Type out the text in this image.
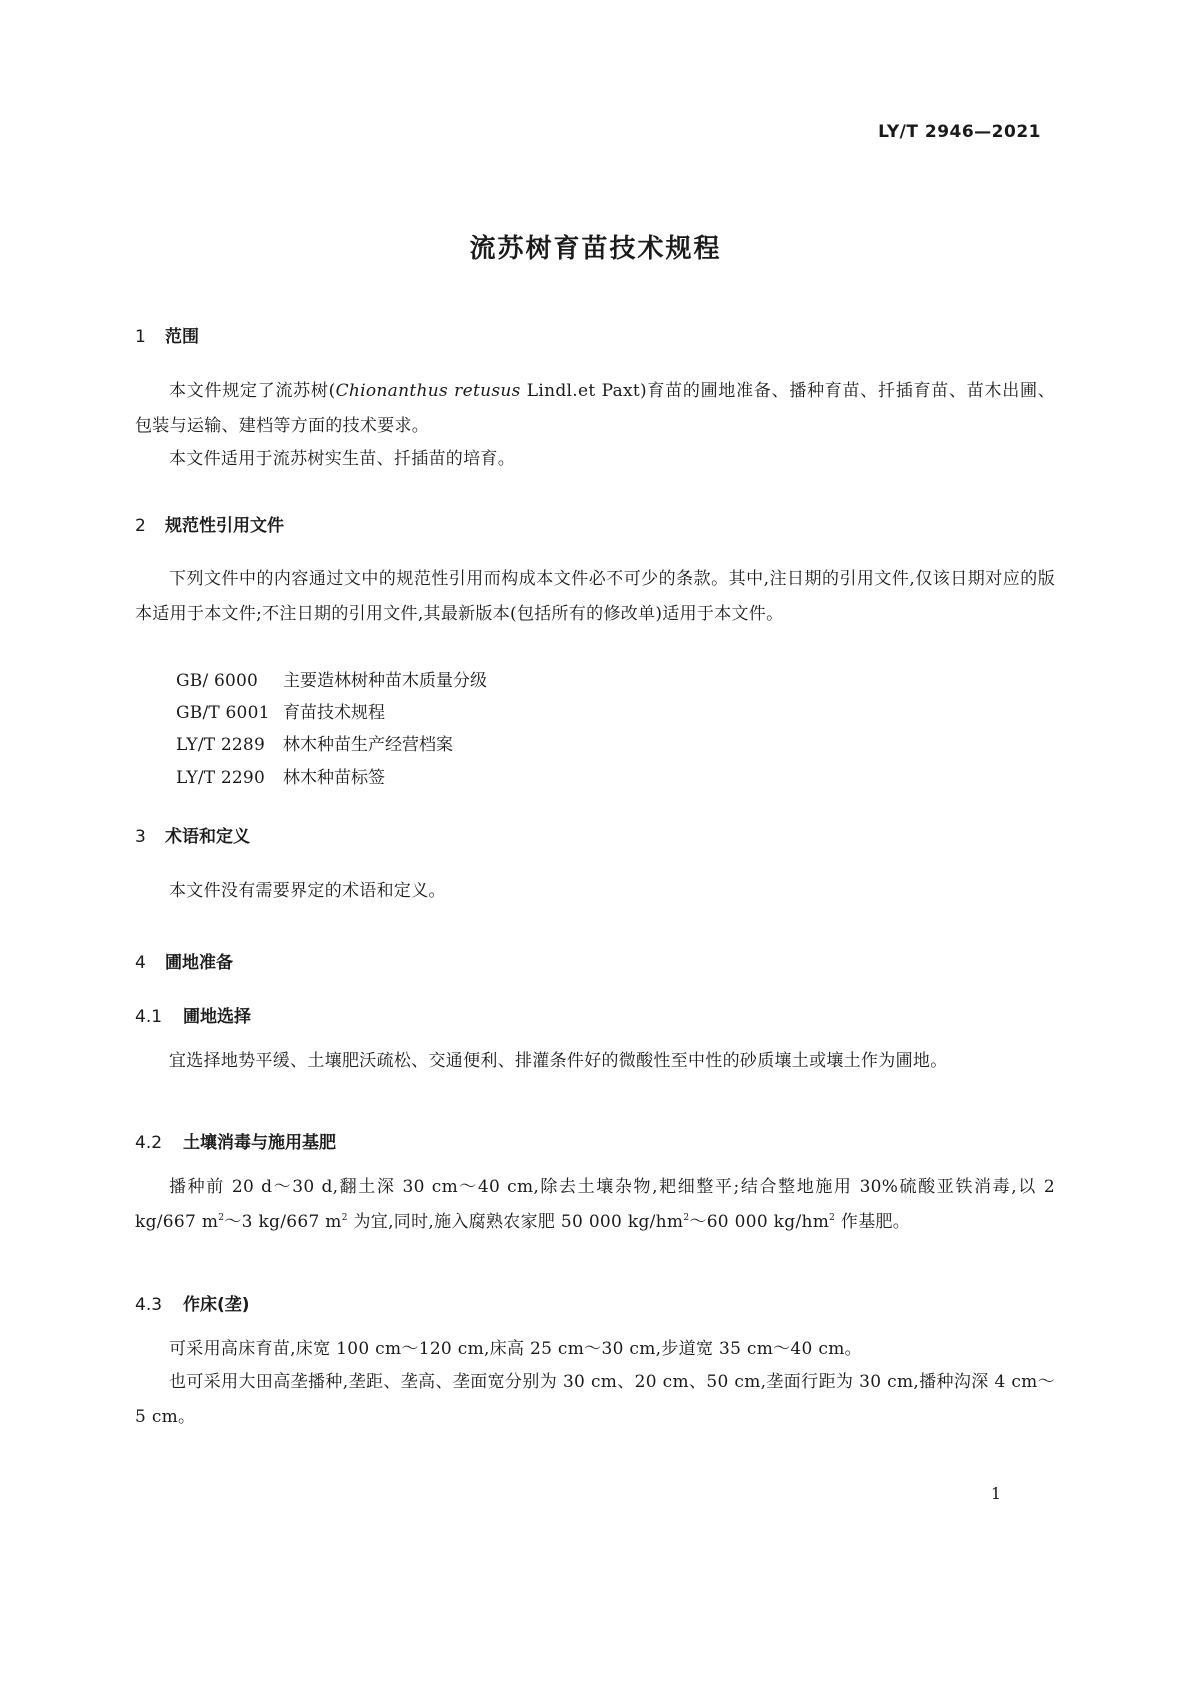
LY/T 2946—2021
流苏树育苗技术规程
1 范围
本文件规定了流苏树(Chionanthus retusus Lindl.et Paxt)育苗的圃地准备、播种育苗、扦插育苗、苗木出圃、包装与运输、建档等方面的技术要求。
本文件适用于流苏树实生苗、扦插苗的培育。
2 规范性引用文件
下列文件中的内容通过文中的规范性引用而构成本文件必不可少的条款。其中,注日期的引用文件,仅该日期对应的版本适用于本文件;不注日期的引用文件,其最新版本(包括所有的修改单)适用于本文件。
GB/ 6000 主要造林树种苗木质量分级
GB/T 6001 育苗技术规程
LY/T 2289 林木种苗生产经营档案
LY/T 2290 林木种苗标签
3 术语和定义
本文件没有需要界定的术语和定义。
4 圃地准备
4.1 圃地选择
宜选择地势平缓、土壤肥沃疏松、交通便利、排灌条件好的微酸性至中性的砂质壤土或壤土作为圃地。
4.2 土壤消毒与施用基肥
播种前 20 d～30 d,翻土深 30 cm～40 cm,除去土壤杂物,耙细整平;结合整地施用 30%硫酸亚铁消毒,以 2 kg/667 $m^2\sim 3$ kg/667 $m^2$ 为宜,同时,施入腐熟农家肥 50 000 $kg/hm^2\sim 60$ 000 $kg/hm^2$ 作基肥。
4.3 作床(垄)
可采用高床育苗,床宽 100 cm～120 cm,床高 25 cm～30 cm,步道宽 35 cm～40 cm。
也可采用大田高垄播种,垄距、垄高、垄面宽分别为 30 cm、20 cm、50 cm,垄面行距为 30 cm,播种沟深 4 cm～5 cm。
1
